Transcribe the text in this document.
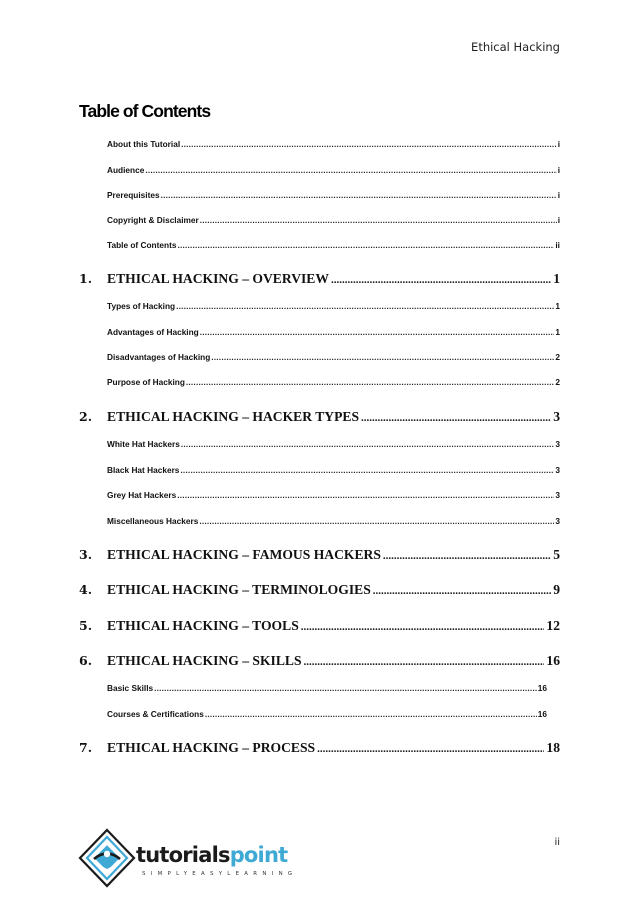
Ethical Hacking
Table of Contents
About this Tutorial .....	i
Audience .....	i
Prerequisites .....	i
Copyright & Disclaimer .....	i
Table of Contents .....	ii
1.	ETHICAL HACKING – OVERVIEW .....	1
Types of Hacking .....	1
Advantages of Hacking .....	1
Disadvantages of Hacking .....	2
Purpose of Hacking .....	2
2.	ETHICAL HACKING – HACKER TYPES .....	3
White Hat Hackers .....	3
Black Hat Hackers .....	3
Grey Hat Hackers .....	3
Miscellaneous Hackers .....	3
3.	ETHICAL HACKING – FAMOUS HACKERS .....	5
4.	ETHICAL HACKING – TERMINOLOGIES .....	9
5.	ETHICAL HACKING – TOOLS .....	12
6.	ETHICAL HACKING – SKILLS .....	16
Basic Skills .....	16
Courses & Certifications .....	16
7.	ETHICAL HACKING – PROCESS .....	18
ii
tutorialspoint
SIMPLYEASYLEARNING
